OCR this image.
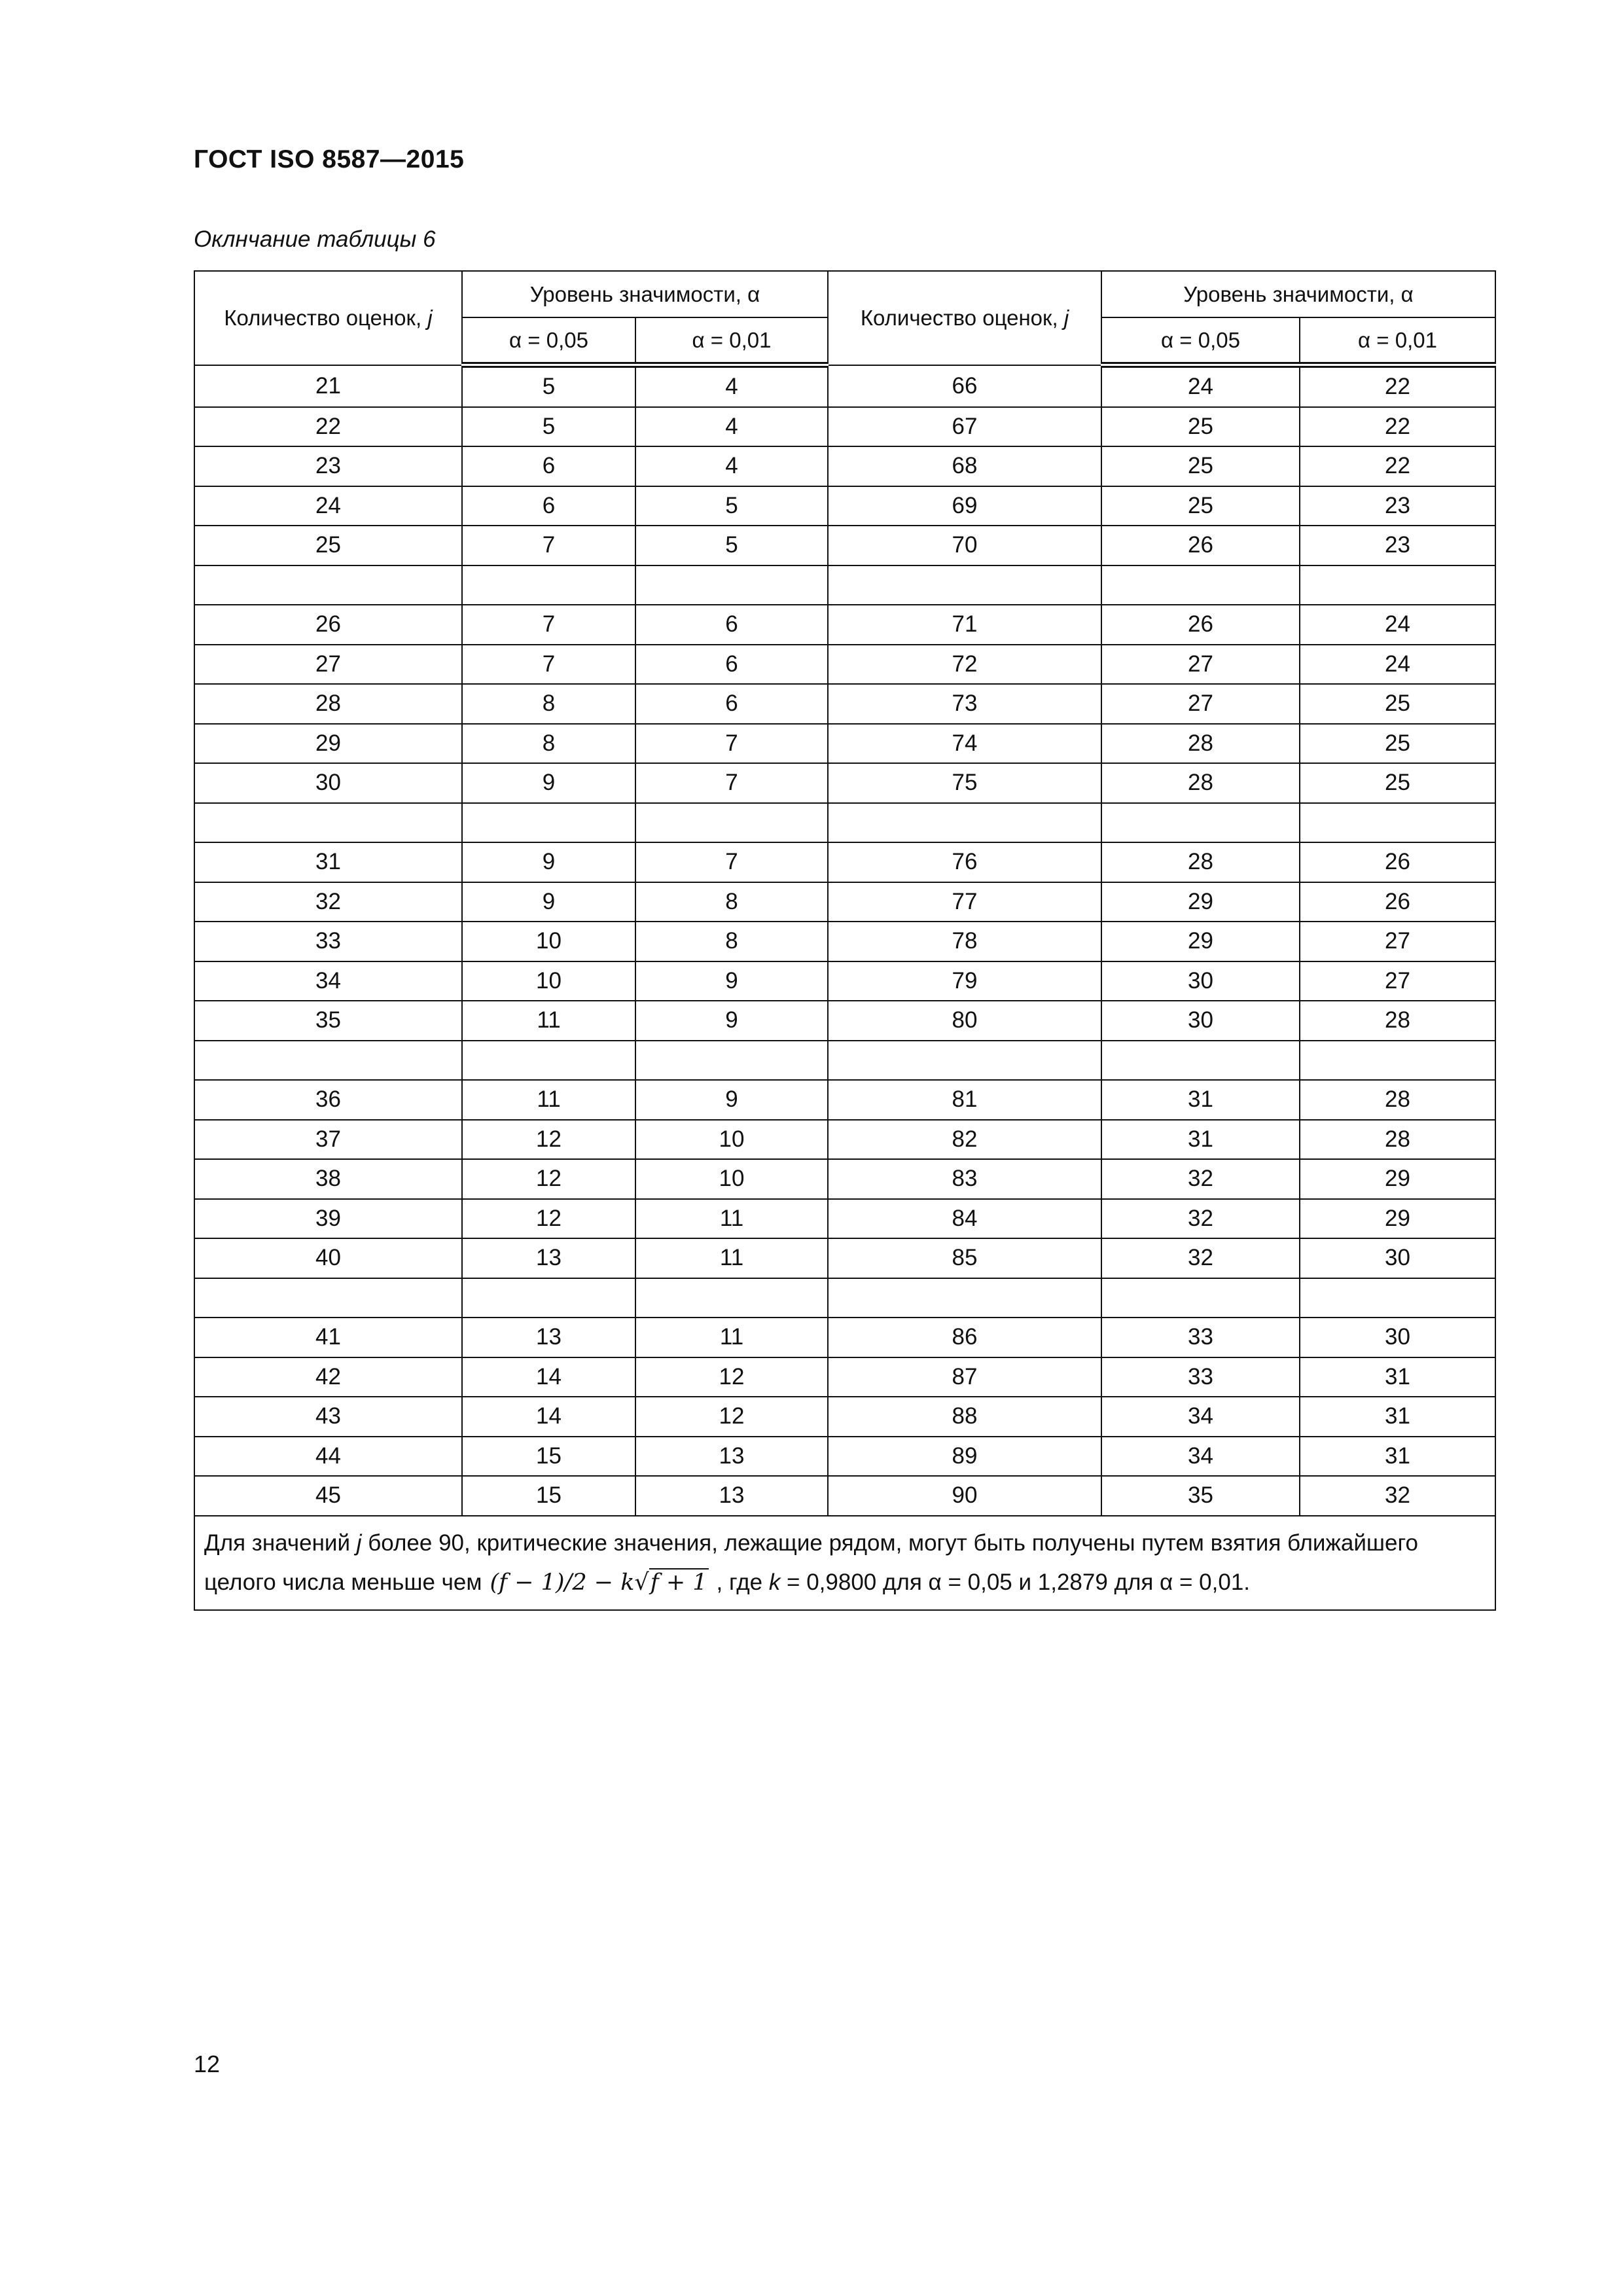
ГОСТ ISO 8587—2015
Оклнчание таблицы 6
Количество оценок, j	Уровень значимости, α		Количество оценок, j	Уровень значимости, α	
	α = 0,05	α = 0,01		α = 0,05	α = 0,01
21	5	4	66	24	22
22	5	4	67	25	22
23	6	4	68	25	22
24	6	5	69	25	23
25	7	5	70	26	23

26	7	6	71	26	24
27	7	6	72	27	24
28	8	6	73	27	25
29	8	7	74	28	25
30	9	7	75	28	25

31	9	7	76	28	26
32	9	8	77	29	26
33	10	8	78	29	27
34	10	9	79	30	27
35	11	9	80	30	28

36	11	9	81	31	28
37	12	10	82	31	28
38	12	10	83	32	29
39	12	11	84	32	29
40	13	11	85	32	30

41	13	11	86	33	30
42	14	12	87	33	31
43	14	12	88	34	31
44	15	13	89	34	31
45	15	13	90	35	32
Для значений j более 90, критические значения, лежащие рядом, могут быть получены путем взятия ближайшего целого числа меньше чем (f − 1)/2 − k√f + 1 , где k = 0,9800 для α = 0,05 и 1,2879 для α = 0,01.					
12
